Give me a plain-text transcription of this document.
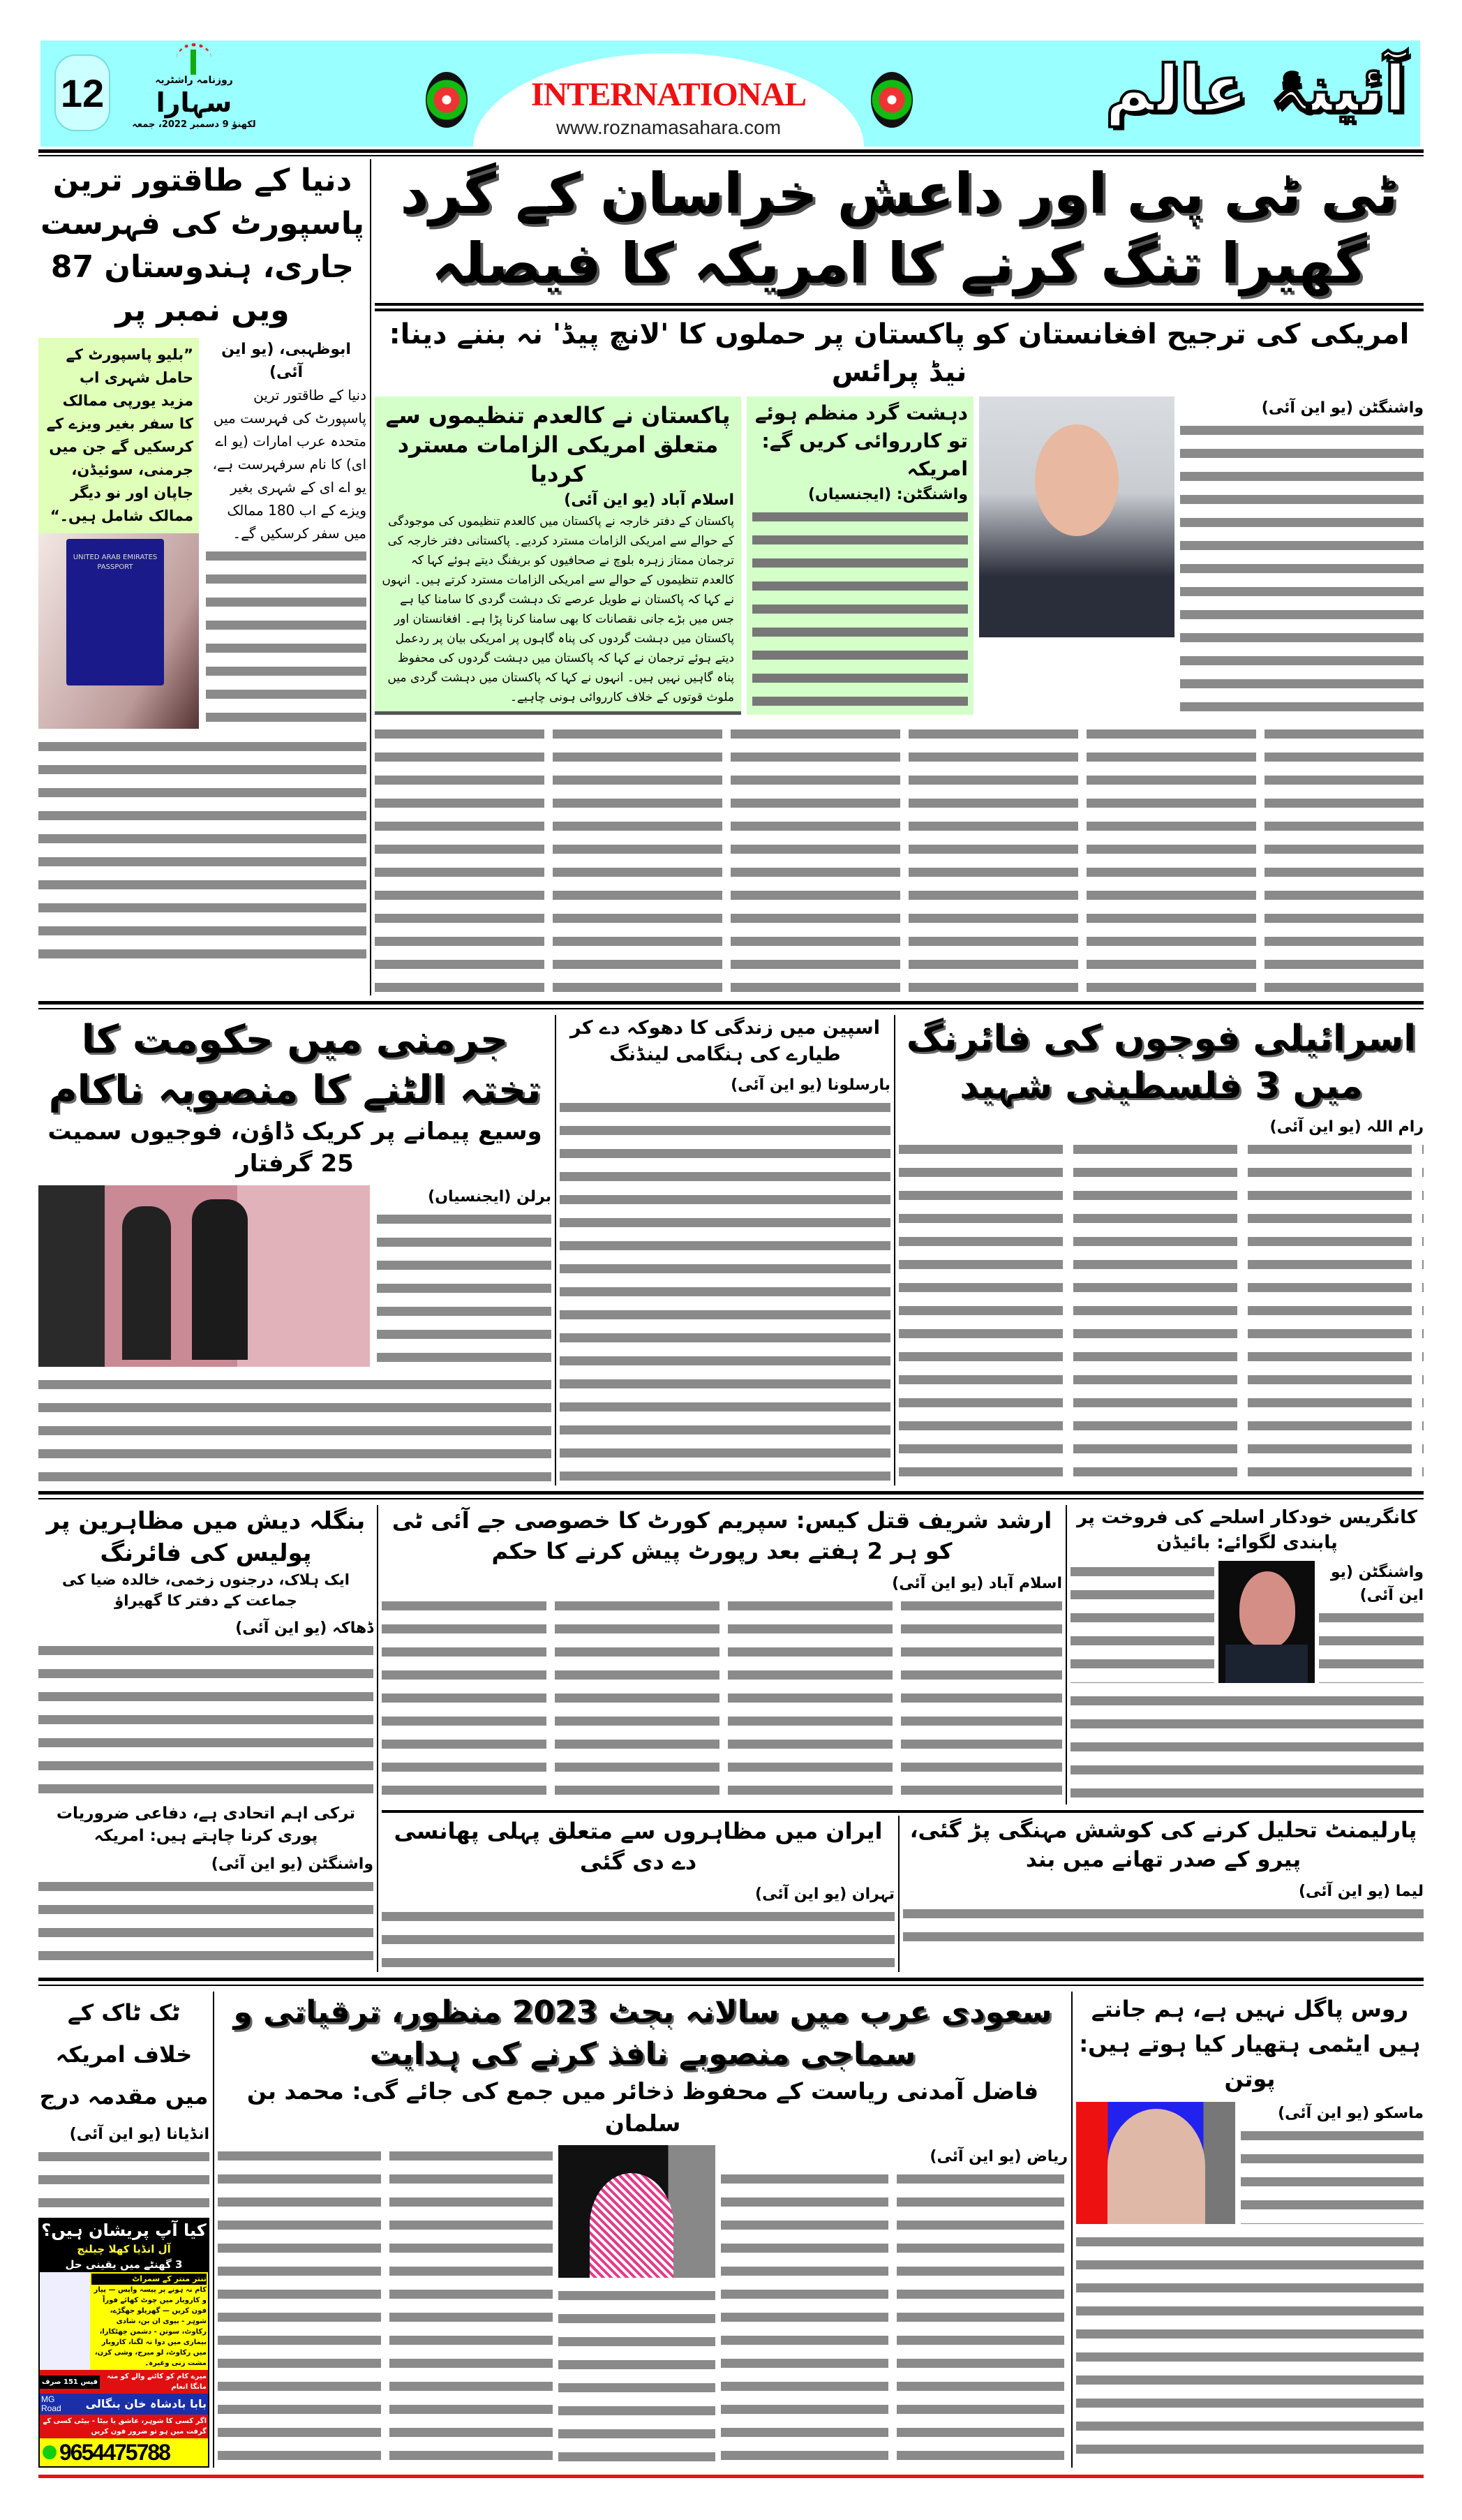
12	روزنامہ راشٹریہ
سہارا
لکھنؤ 9 دسمبر 2022، جمعہ
INTERNATIONAL
www.roznamasahara.com
آئینۂ عالم
دنیا کے طاقتور ترین پاسپورٹ کی فہرست جاری، ہندوستان 87 ویں نمبر پر
”بلیو پاسپورٹ کے حامل شہری اب مزید یورپی ممالک کا سفر بغیر ویزے کے کرسکیں گے جن میں جرمنی، سوئیڈن، جاپان اور نو دیگر ممالک شامل ہیں۔“
UNITED ARAB EMIRATES PASSPORT
ابوظہبی، (یو این آئی)
دنیا کے طاقتور ترین پاسپورٹ کی فہرست میں متحدہ عرب امارات (یو اے ای) کا نام سرفہرست ہے، یو اے ای کے شہری بغیر ویزے کے اب 180 ممالک میں سفر کرسکیں گے۔
ٹی ٹی پی اور داعش خراسان کے گرد گھیرا تنگ کرنے کا امریکہ کا فیصلہ
امریکی کی ترجیح افغانستان کو پاکستان پر حملوں کا 'لانچ پیڈ' نہ بننے دینا: نیڈ پرائس
پاکستان نے کالعدم تنظیموں سے متعلق امریکی الزامات مسترد کردیا
اسلام آباد (یو این آئی)
پاکستان کے دفتر خارجہ نے پاکستان میں کالعدم تنظیموں کی موجودگی کے حوالے سے امریکی الزامات مسترد کردیے۔ پاکستانی دفتر خارجہ کی ترجمان ممتاز زہرہ بلوچ نے صحافیوں کو بریفنگ دیتے ہوئے کہا کہ کالعدم تنظیموں کے حوالے سے امریکی الزامات مسترد کرتے ہیں۔ انہوں نے کہا کہ پاکستان نے طویل عرصے تک دہشت گردی کا سامنا کیا ہے جس میں بڑے جانی نقصانات کا بھی سامنا کرنا پڑا ہے۔ افغانستان اور پاکستان میں دہشت گردوں کی پناہ گاہوں پر امریکی بیان پر ردعمل دیتے ہوئے ترجمان نے کہا کہ پاکستان میں دہشت گردوں کی محفوظ پناہ گاہیں نہیں ہیں۔ انہوں نے کہا کہ پاکستان میں دہشت گردی میں ملوث قوتوں کے خلاف کارروائی ہونی چاہیے۔
دہشت گرد منظم ہوئے تو کارروائی کریں گے: امریکہ
واشنگٹن: (ایجنسیاں)
واشنگٹن (یو این آئی)
جرمنی میں حکومت کا تختہ الٹنے کا منصوبہ ناکام
وسیع پیمانے پر کریک ڈاؤن، فوجیوں سمیت 25 گرفتار
برلن (ایجنسیاں)
اسپین میں زندگی کا دھوکہ دے کر طیارے کی ہنگامی لینڈنگ
بارسلونا (یو این آئی)
اسرائیلی فوجوں کی فائرنگ میں 3 فلسطینی شہید
رام اللہ (یو این آئی)
بنگلہ دیش میں مظاہرین پر پولیس کی فائرنگ
ایک ہلاک، درجنوں زخمی، خالدہ ضیا کی جماعت کے دفتر کا گھیراؤ
ڈھاکہ (یو این آئی)
ترکی اہم اتحادی ہے، دفاعی ضروریات پوری کرنا چاہتے ہیں: امریکہ
واشنگٹن (یو این آئی)
ارشد شریف قتل کیس: سپریم کورٹ کا خصوصی جے آئی ٹی کو ہر 2 ہفتے بعد رپورٹ پیش کرنے کا حکم
اسلام آباد (یو این آئی)
کانگریس خودکار اسلحے کی فروخت پر پابندی لگوائے: بائیڈن
واشنگٹن (یو این آئی)
ایران میں مظاہروں سے متعلق پہلی پھانسی دے دی گئی
تہران (یو این آئی)
پارلیمنٹ تحلیل کرنے کی کوشش مہنگی پڑ گئی، پیرو کے صدر تھانے میں بند
لیما (یو این آئی)
ٹک ٹاک کے خلاف امریکہ میں مقدمہ درج
انڈیانا (یو این آئی)
کیا آپ پریشان ہیں؟
آل انڈیا کھلا چیلنج
3 گھنٹے میں یقینی حل
تنتر منتر کے سمراٹ
کام نہ ہونے پر پیسہ واپس — پیار و کاروبار میں چوٹ کھائے فوراً فون کریں — گھریلو جھگڑے، شوہر - بیوی ان بن، شادی رکاوٹ، سوتن - دشمن چھٹکارا، بیماری میں دوا نہ لگنا، کاروبار میں رکاوٹ، لو میرج، وشی کرن، مشت زنی وغیرہ۔
میرے کام کو کاٹنے والے کو منہ مانگا انعام
فیس 151 صرف
بابا بادشاہ خان بنگالی
MG Road
اگر کسی کا شوہر، عاشق یا بیٹا - بیٹی کسی کے گرفت میں ہو تو ضرور فون کریں
9654475788
سعودی عرب میں سالانہ بجٹ 2023 منظور، ترقیاتی و سماجی منصوبے نافذ کرنے کی ہدایت
فاضل آمدنی ریاست کے محفوظ ذخائر میں جمع کی جائے گی: محمد بن سلمان
ریاض (یو این آئی)
روس پاگل نہیں ہے، ہم جانتے ہیں ایٹمی ہتھیار کیا ہوتے ہیں: پوتن
ماسکو (یو این آئی)
